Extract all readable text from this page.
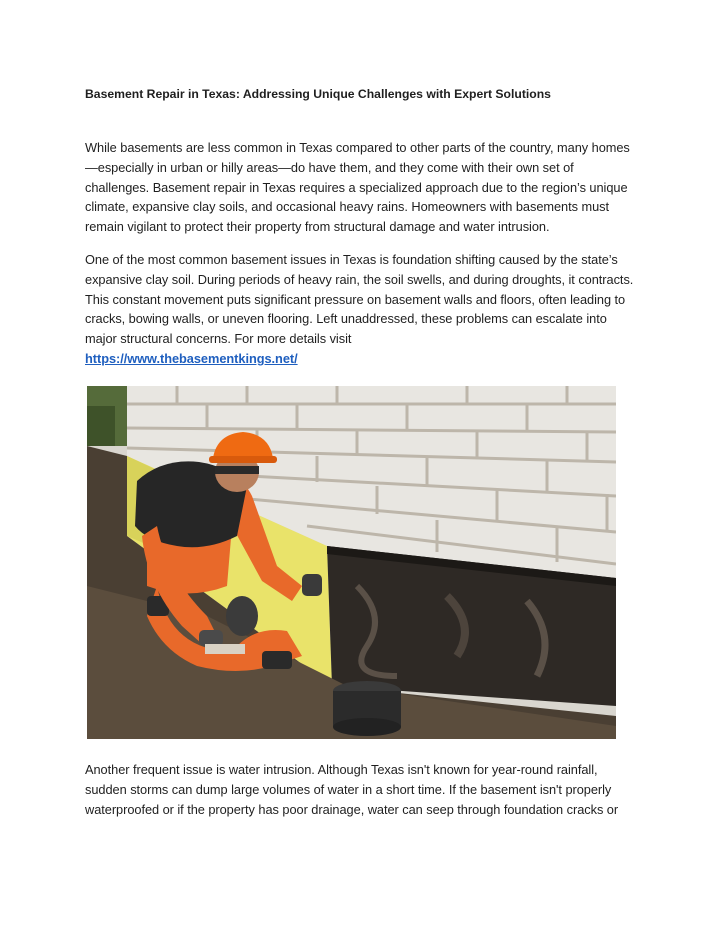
Basement Repair in Texas: Addressing Unique Challenges with Expert Solutions

While basements are less common in Texas compared to other parts of the country, many homes—especially in urban or hilly areas—do have them, and they come with their own set of challenges. Basement repair in Texas requires a specialized approach due to the region’s unique climate, expansive clay soils, and occasional heavy rains. Homeowners with basements must remain vigilant to protect their property from structural damage and water intrusion.

One of the most common basement issues in Texas is foundation shifting caused by the state’s expansive clay soil. During periods of heavy rain, the soil swells, and during droughts, it contracts. This constant movement puts significant pressure on basement walls and floors, often leading to cracks, bowing walls, or uneven flooring. Left unaddressed, these problems can escalate into major structural concerns. For more details visit
https://www.thebasementkings.net/

Another frequent issue is water intrusion. Although Texas isn't known for year-round rainfall, sudden storms can dump large volumes of water in a short time. If the basement isn't properly waterproofed or if the property has poor drainage, water can seep through foundation cracks or
